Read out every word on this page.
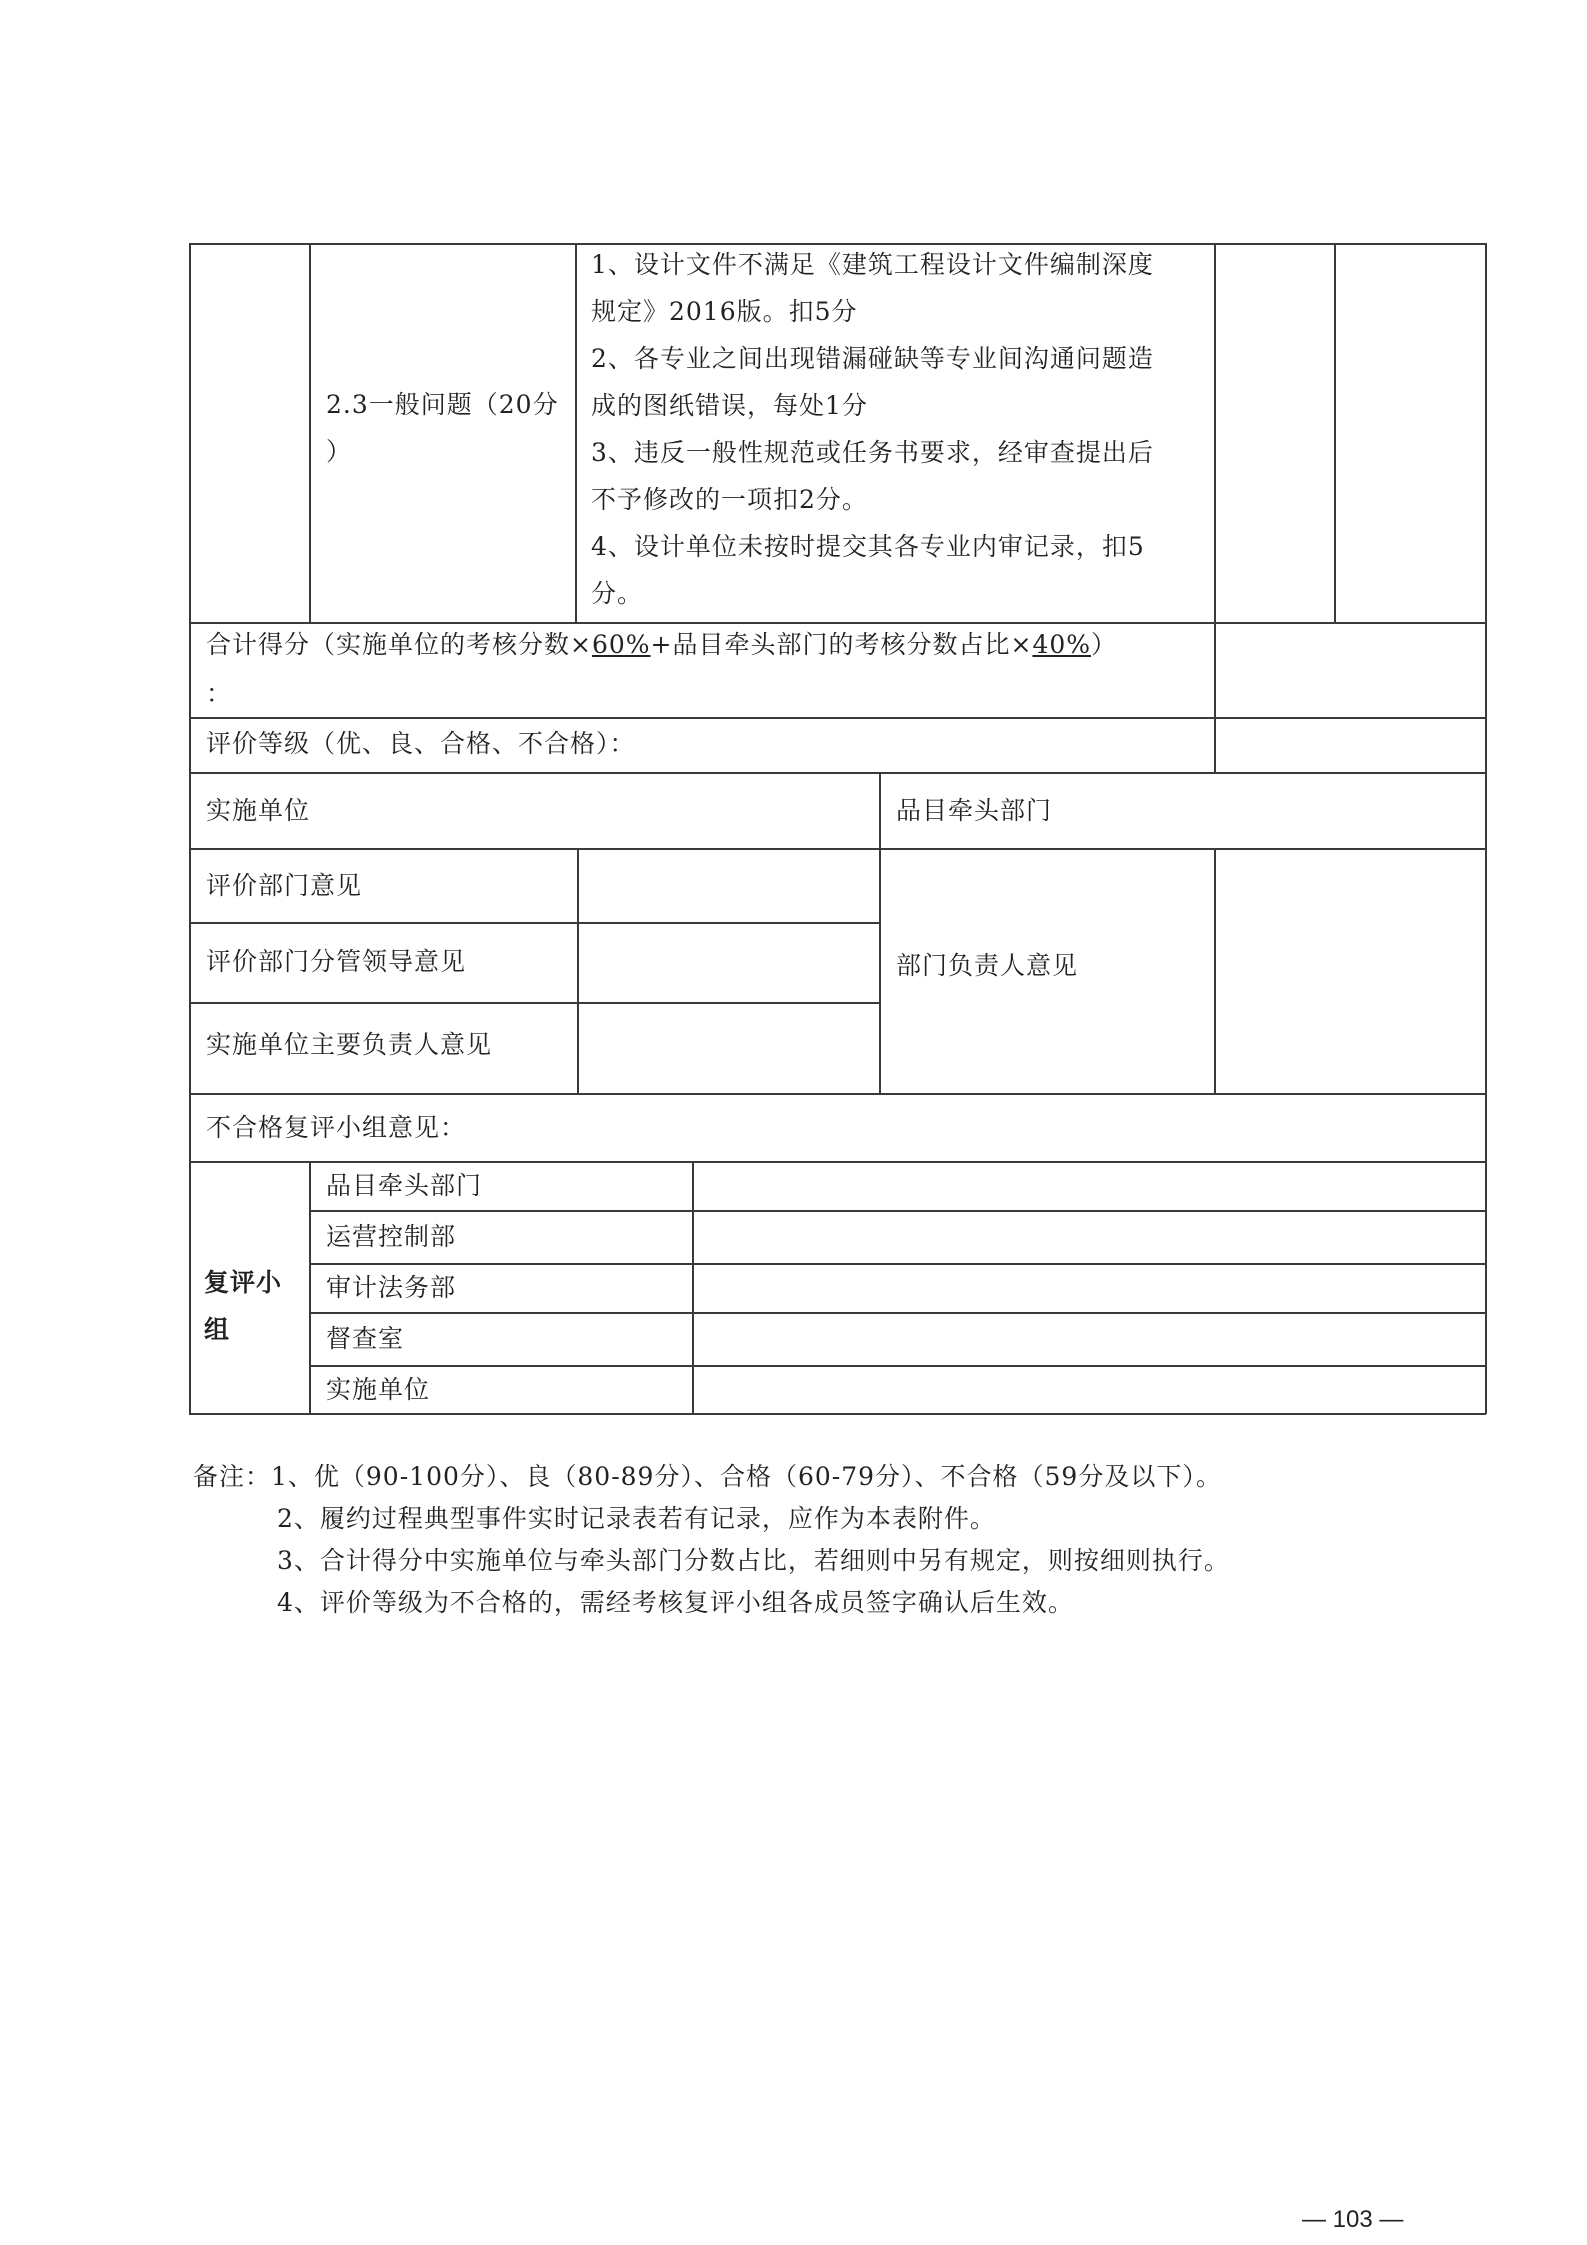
2.3一般问题（20分
）
1、设计文件不满足《建筑工程设计文件编制深度
规定》2016版。扣5分
2、各专业之间出现错漏碰缺等专业间沟通问题造
成的图纸错误，每处1分
3、违反一般性规范或任务书要求，经审查提出后
不予修改的一项扣2分。
4、设计单位未按时提交其各专业内审记录，扣5
分。
合计得分（实施单位的考核分数×60%+品目牵头部门的考核分数占比×40%）
：
评价等级（优、良、合格、不合格）：
实施单位	品目牵头部门
评价部门意见
评价部门分管领导意见
实施单位主要负责人意见
部门负责人意见
不合格复评小组意见：
复评小
组
品目牵头部门
运营控制部
审计法务部
督查室
实施单位
备注：1、优（90-100分）、良（80-89分）、合格（60-79分）、不合格（59分及以下）。
2、履约过程典型事件实时记录表若有记录，应作为本表附件。
3、合计得分中实施单位与牵头部门分数占比，若细则中另有规定，则按细则执行。
4、评价等级为不合格的，需经考核复评小组各成员签字确认后生效。
— 103 —
